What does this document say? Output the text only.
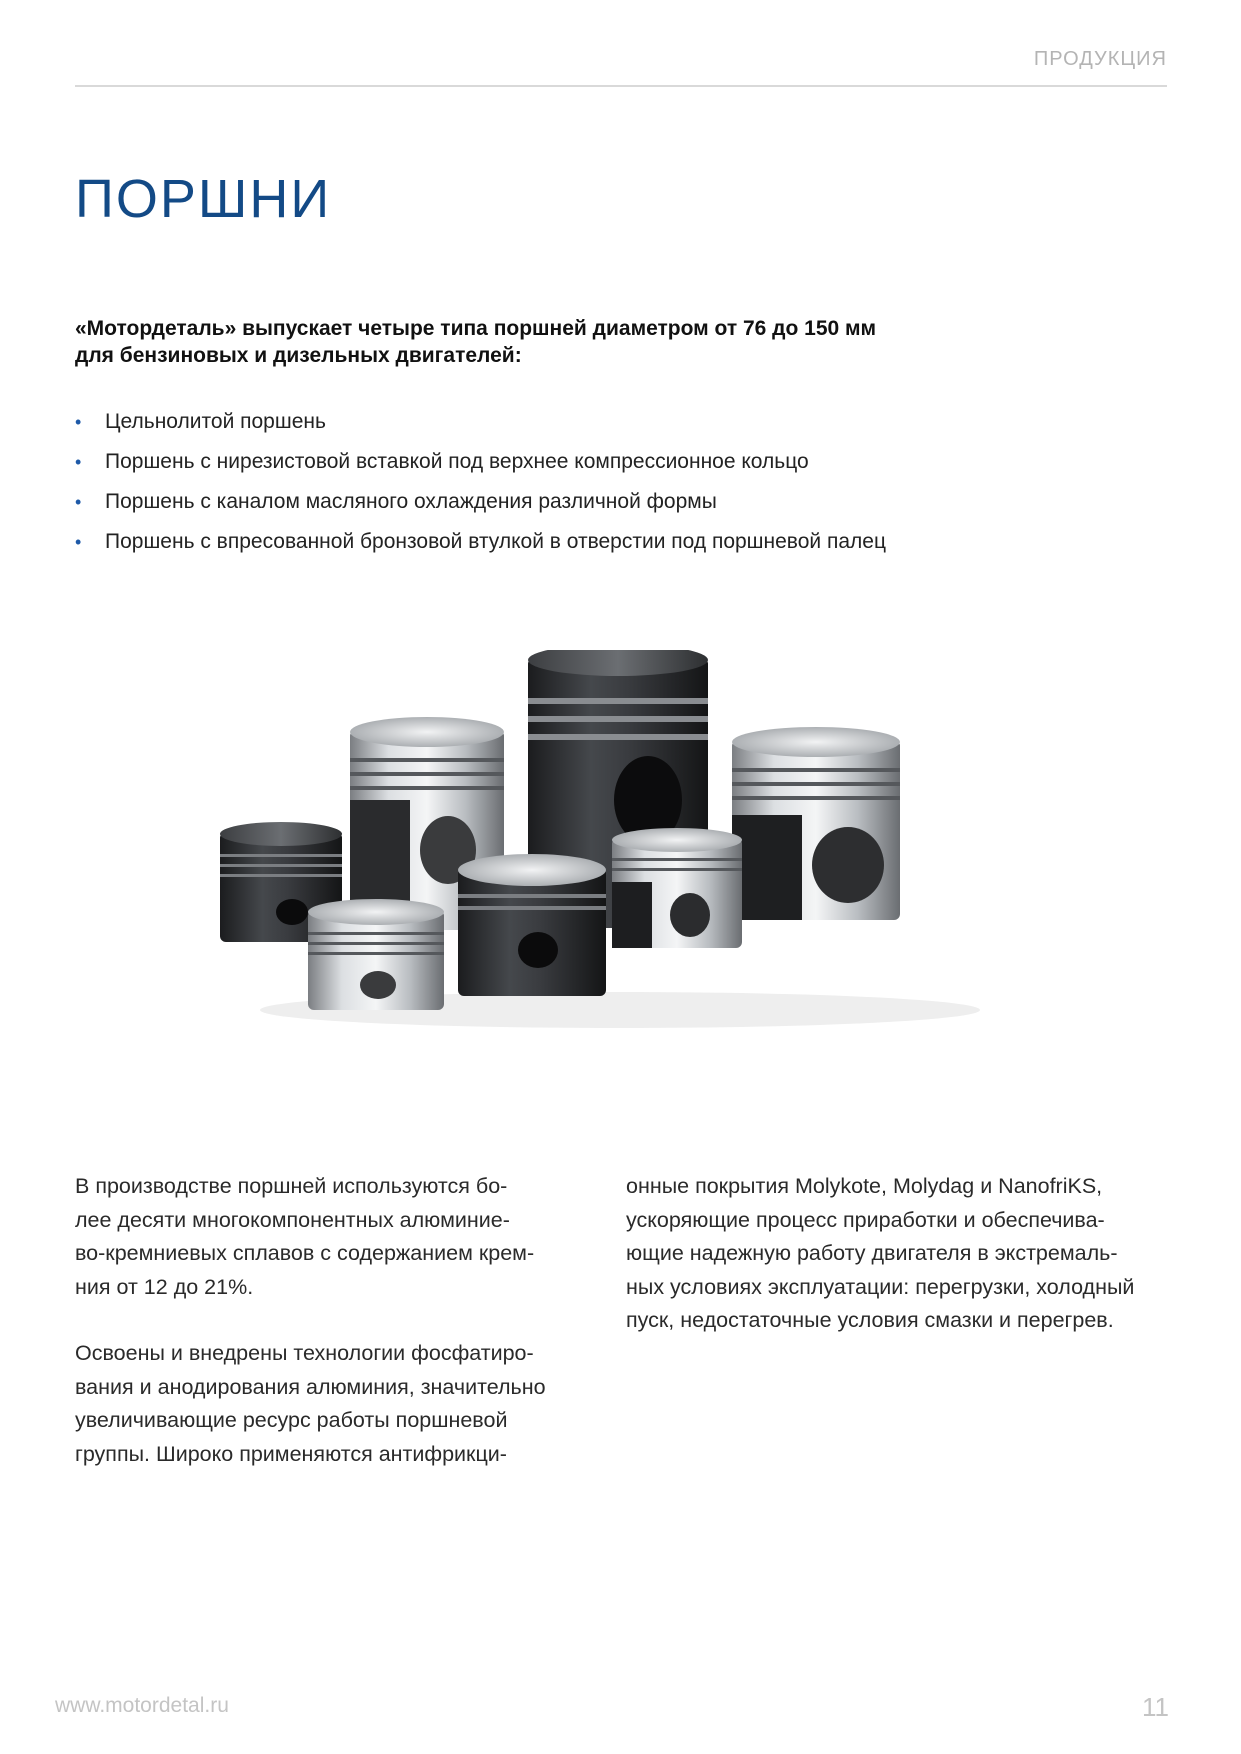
ПРОДУКЦИЯ
ПОРШНИ

«Мотордеталь» выпускает четыре типа поршней диаметром от 76 до 150 мм
для бензиновых и дизельных двигателей:

• Цельнолитой поршень
• Поршень с нирезистовой вставкой под верхнее компрессионное кольцо
• Поршень с каналом масляного охлаждения различной формы
• Поршень с впресованной бронзовой втулкой в отверстии под поршневой палец

В производстве поршней используются бо-
лее десяти многокомпонентных алюминие-
во-кремниевых сплавов с содержанием крем-
ния от 12 до 21%.

Освоены и внедрены технологии фосфатиро-
вания и анодирования алюминия, значительно
увеличивающие ресурс работы поршневой
группы. Широко применяются антифрикци-

онные покрытия Molykote, Molydag и NanofriKS,
ускоряющие процесс приработки и обеспечива-
ющие надежную работу двигателя в экстремаль-
ных условиях эксплуатации: перегрузки, холодный
пуск, недостаточные условия смазки и перегрев.

www.motordetal.ru	11
